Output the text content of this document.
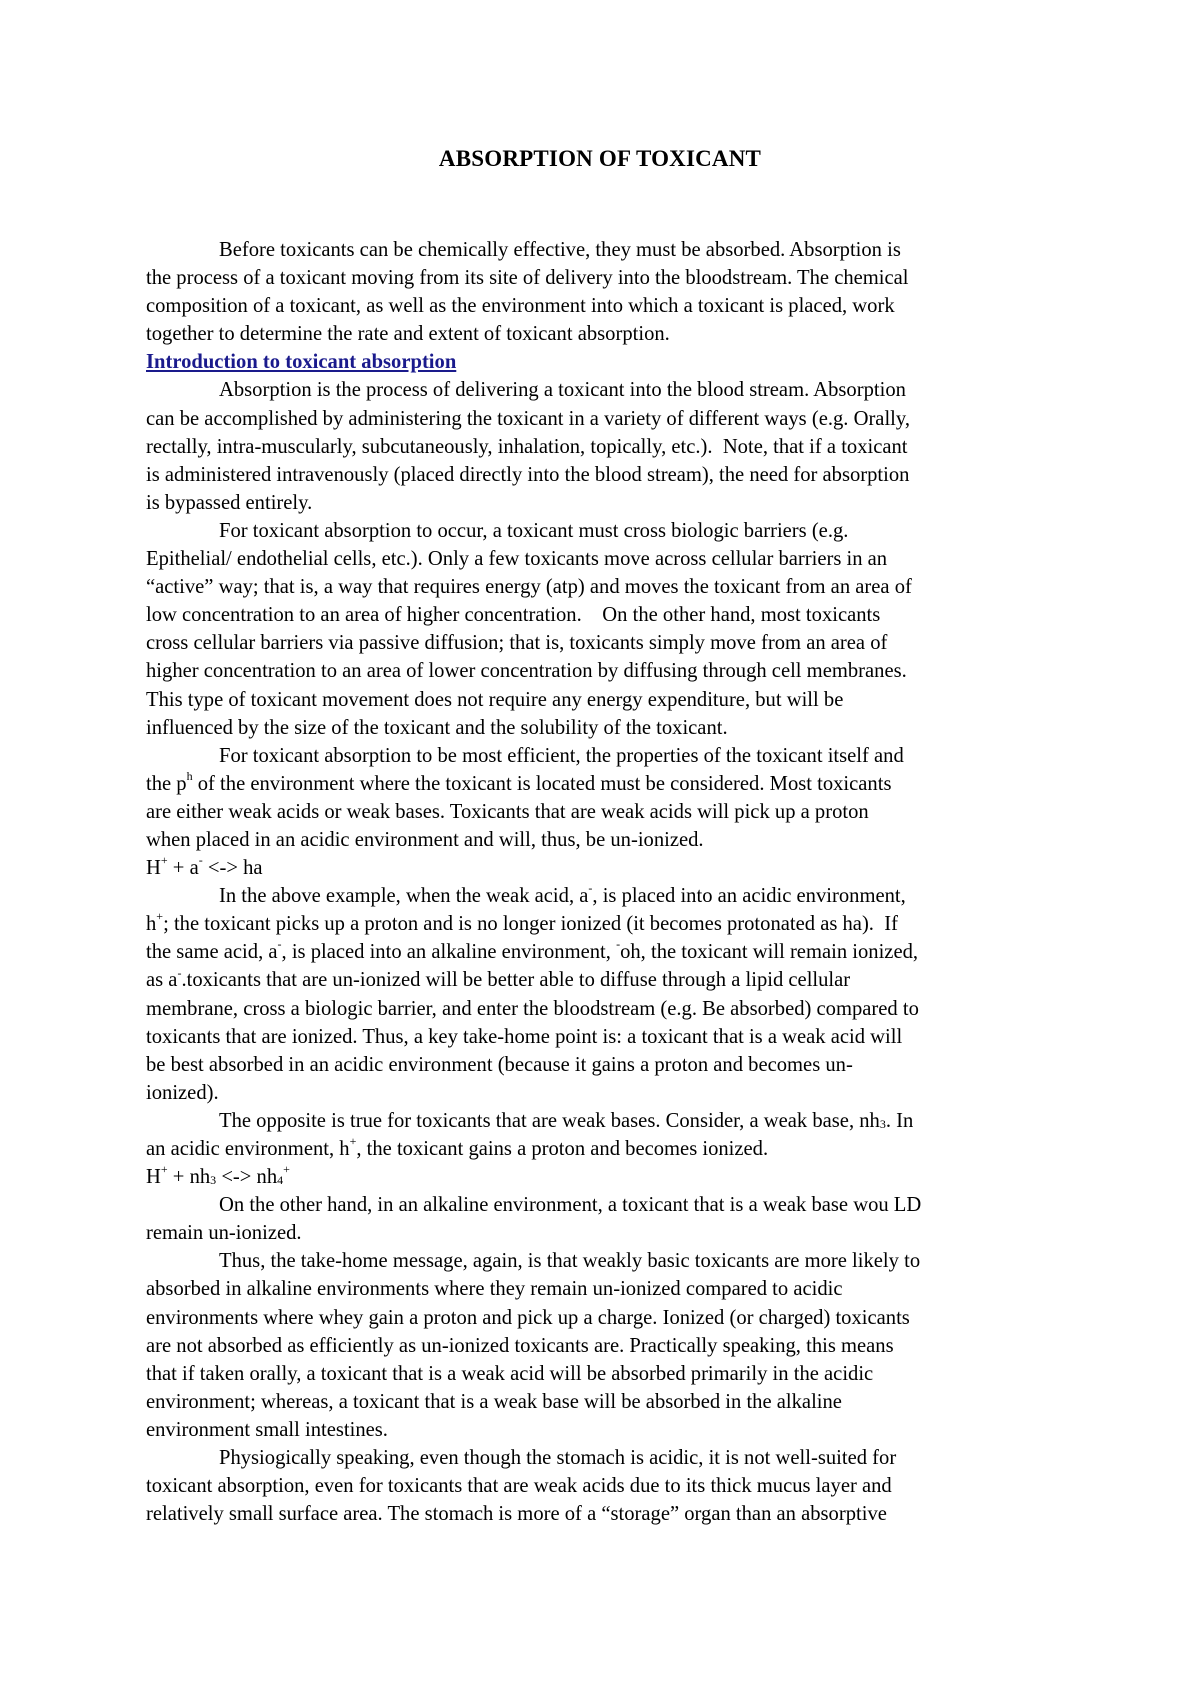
ABSORPTION OF TOXICANT
Before toxicants can be chemically effective, they must be absorbed. Absorption is
the process of a toxicant moving from its site of delivery into the bloodstream. The chemical
composition of a toxicant, as well as the environment into which a toxicant is placed, work
together to determine the rate and extent of toxicant absorption.
Introduction to toxicant absorption
Absorption is the process of delivering a toxicant into the blood stream. Absorption
can be accomplished by administering the toxicant in a variety of different ways (e.g. Orally,
rectally, intra-muscularly, subcutaneously, inhalation, topically, etc.).  Note, that if a toxicant
is administered intravenously (placed directly into the blood stream), the need for absorption
is bypassed entirely.
For toxicant absorption to occur, a toxicant must cross biologic barriers (e.g.
Epithelial/ endothelial cells, etc.). Only a few toxicants move across cellular barriers in an
“active” way; that is, a way that requires energy (atp) and moves the toxicant from an area of
low concentration to an area of higher concentration.    On the other hand, most toxicants
cross cellular barriers via passive diffusion; that is, toxicants simply move from an area of
higher concentration to an area of lower concentration by diffusing through cell membranes.
This type of toxicant movement does not require any energy expenditure, but will be
influenced by the size of the toxicant and the solubility of the toxicant.
For toxicant absorption to be most efficient, the properties of the toxicant itself and
the $p^h$ of the environment where the toxicant is located must be considered. Most toxicants
are either weak acids or weak bases. Toxicants that are weak acids will pick up a proton
when placed in an acidic environment and will, thus, be un-ionized.
H+ + a- <-> ha
In the above example, when the weak acid, a-, is placed into an acidic environment,
h+; the toxicant picks up a proton and is no longer ionized (it becomes protonated as ha).  If
the same acid, a-, is placed into an alkaline environment, -oh, the toxicant will remain ionized,
as a-.toxicants that are un-ionized will be better able to diffuse through a lipid cellular
membrane, cross a biologic barrier, and enter the bloodstream (e.g. Be absorbed) compared to
toxicants that are ionized. Thus, a key take-home point is: a toxicant that is a weak acid will
be best absorbed in an acidic environment (because it gains a proton and becomes un-
ionized).
The opposite is true for toxicants that are weak bases. Consider, a weak base, $nh_3$. In
an acidic environment, h+, the toxicant gains a proton and becomes ionized.
$H^+ + nh_3$ <-> $nh_4^+$
On the other hand, in an alkaline environment, a toxicant that is a weak base wou LD
remain un-ionized.
Thus, the take-home message, again, is that weakly basic toxicants are more likely to
absorbed in alkaline environments where they remain un-ionized compared to acidic
environments where whey gain a proton and pick up a charge. Ionized (or charged) toxicants
are not absorbed as efficiently as un-ionized toxicants are. Practically speaking, this means
that if taken orally, a toxicant that is a weak acid will be absorbed primarily in the acidic
environment; whereas, a toxicant that is a weak base will be absorbed in the alkaline
environment small intestines.
Physiogically speaking, even though the stomach is acidic, it is not well-suited for
toxicant absorption, even for toxicants that are weak acids due to its thick mucus layer and
relatively small surface area. The stomach is more of a “storage” organ than an absorptive
